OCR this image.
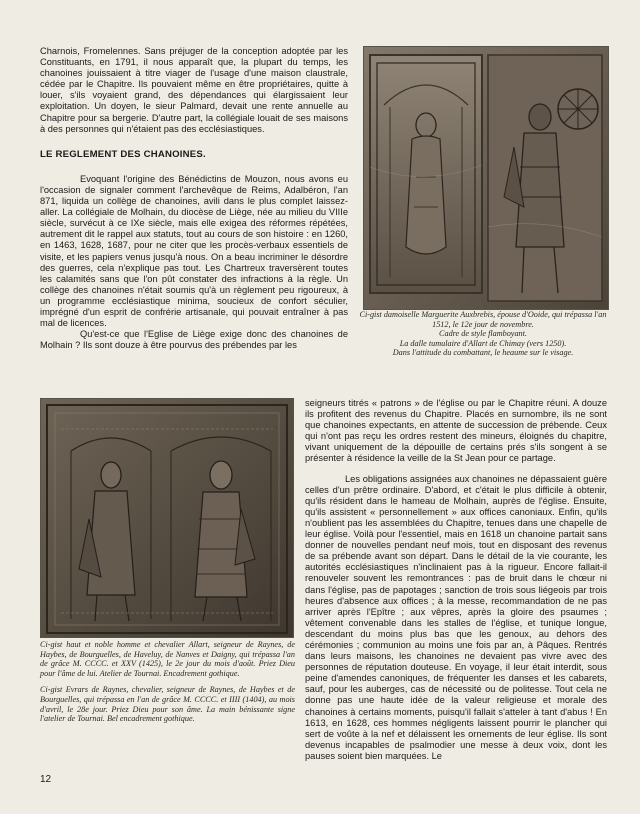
Charnois, Fromelennes. Sans préjuger de la conception adoptée par les Constituants, en 1791, il nous apparaît que, la plupart du temps, les chanoines jouissaient à titre viager de l'usage d'une maison claustrale, cédée par le Chapitre. Ils pouvaient même en être propriétaires, quitte à louer, s'ils voyaient grand, des dépendances qui élargissaient leur exploitation. Un doyen, le sieur Palmard, devait une rente annuelle au Chapitre pour sa bergerie. D'autre part, la collégiale louait de ses maisons à des personnes qui n'étaient pas des ecclésiastiques.

LE REGLEMENT DES CHANOINES.

Evoquant l'origine des Bénédictins de Mouzon, nous avons eu l'occasion de signaler comment l'archevêque de Reims, Adalbéron, l'an 871, liquida un collège de chanoines, avili dans le plus complet laissez-aller. La collégiale de Molhain, du diocèse de Liège, née au milieu du VIIIe siècle, survécut à ce IXe siècle, mais elle exigea des réformes répétées, autrement dit le rappel aux statuts, tout au cours de son histoire : en 1260, en 1463, 1628, 1687, pour ne citer que les procès-verbaux essentiels de visite, et les papiers venus jusqu'à nous. On a beau incriminer le désordre des guerres, cela n'explique pas tout. Les Chartreux traversèrent toutes les calamités sans que l'on pût constater des infractions à la règle. Un collège des chanoines n'était soumis qu'à un règlement peu rigoureux, à un programme ecclésiastique minima, soucieux de confort séculier, imprégné d'un esprit de confrérie artisanale, qui pouvait entraîner à pas mal de licences.

Qu'est-ce que l'Eglise de Liège exige donc des chanoines de Molhain ? Ils sont douze à être pourvus des prébendes par les

Ci-gist damoiselle Marguerite Auxbrebis, épouse d'Ooide, qui trépassa l'an 1512, le 12e jour de novembre.

Cadre de style flamboyant.

La dalle tumulaire d'Allart de Chimay (vers 1250).

Dans l'attitude du combattant, le heaume sur le visage.

Ci-gist haut et noble homme et chevalier Allart, seigneur de Raynes, de Haybes, de Bourguelles, de Haveluy, de Nanves et Daigny, qui trépassa l'an de grâce M. CCCC. et XXV (1425), le 2e jour du mois d'août. Priez Dieu pour l'âme de lui. Atelier de Tournai. Encadrement gothique.

Ci-gist Evrars de Raynes, chevalier, seigneur de Raynes, de Haybes et de Bourguelles, qui trépassa en l'an de grâce M. CCCC. et IIII (1404), au mois d'avril, le 28e jour. Priez Dieu pour son âme. La main bénissante signe l'atelier de Tournai. Bel encadrement gothique.

seigneurs titrés « patrons » de l'église ou par le Chapitre réuni. A douze ils profitent des revenus du Chapitre. Placés en surnombre, ils ne sont que chanoines expectants, en attente de succession de prébende. Ceux qui n'ont pas reçu les ordres restent des mineurs, éloignés du chapitre, vivant uniquement de la dépouille de certains prés s'ils songent à se présenter à résidence la veille de la St Jean pour ce partage.

Les obligations assignées aux chanoines ne dépassaient guère celles d'un prêtre ordinaire. D'abord, et c'était le plus difficile à obtenir, qu'ils résident dans le hameau de Molhain, auprès de l'église. Ensuite, qu'ils assistent « personnellement » aux offices canoniaux. Enfin, qu'ils n'oublient pas les assemblées du Chapitre, tenues dans une chapelle de leur église. Voilà pour l'essentiel, mais en 1618 un chanoine partait sans donner de nouvelles pendant neuf mois, tout en disposant des revenus de sa prébende avant son départ. Dans le détail de la vie courante, les autorités ecclésiastiques n'inclinaient pas à la rigueur. Encore fallait-il renouveler souvent les remontrances : pas de bruit dans le chœur ni dans l'église, pas de papotages ; sanction de trois sous liégeois par trois heures d'absence aux offices ; à la messe, recommandation de ne pas arriver après l'Epître ; aux vêpres, après la gloire des psaumes ; vêtement convenable dans les stalles de l'église, et tunique longue, descendant du moins plus bas que les genoux, au dehors des cérémonies ; communion au moins une fois par an, à Pâques. Rentrés dans leurs maisons, les chanoines ne devaient pas vivre avec des personnes de réputation douteuse. En voyage, il leur était interdit, sous peine d'amendes canoniques, de fréquenter les danses et les cabarets, sauf, pour les auberges, cas de nécessité ou de politesse. Tout cela ne donne pas une haute idée de la valeur religieuse et morale des chanoines à certains moments, puisqu'il fallait s'atteler à tant d'abus ! En 1613, en 1628, ces hommes négligents laissent pourrir le plancher qui sert de voûte à la nef et délaissent les ornements de leur église. Ils sont devenus incapables de psalmodier une messe à deux voix, dont les pauses soient bien marquées. Le

12
